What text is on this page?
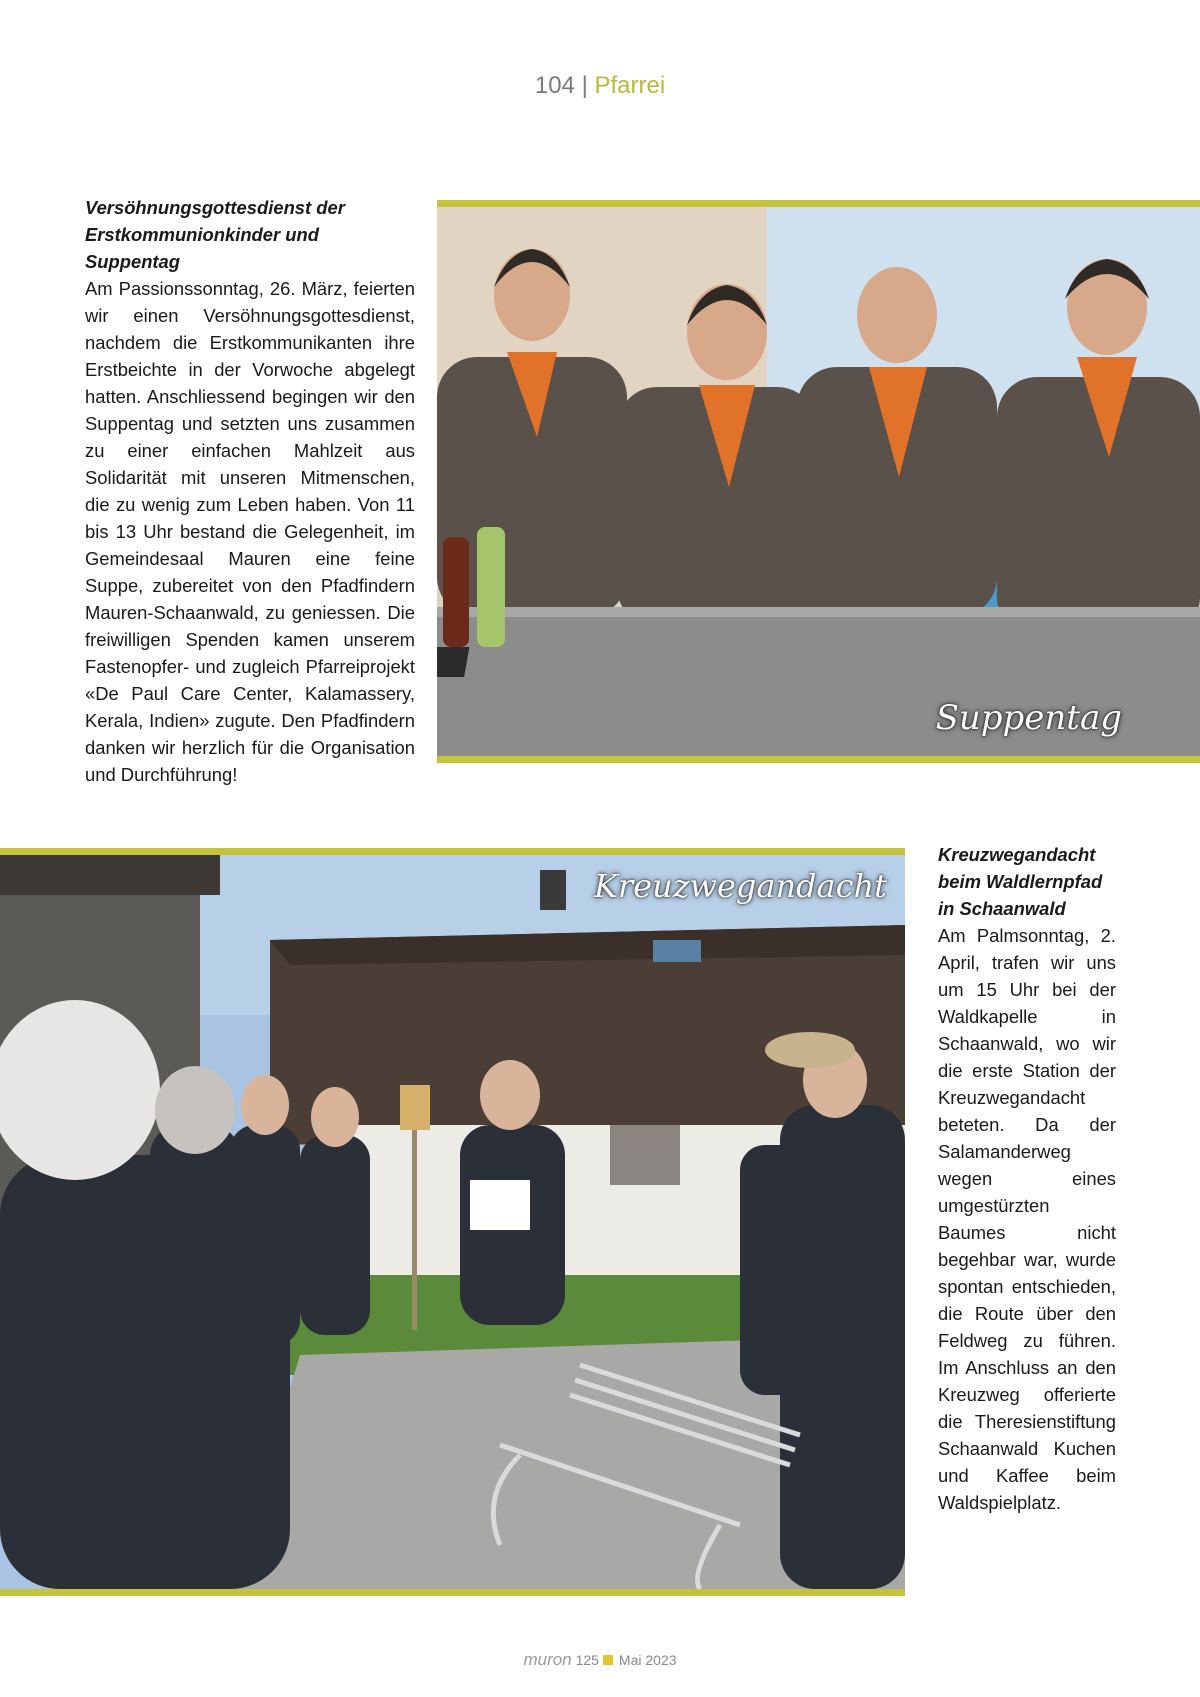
104 | Pfarrei
Versöhnungsgottesdienst der Erstkommunionkinder und Suppentag

Am Passionssonntag, 26. März, feierten wir einen Versöhnungsgottesdienst, nachdem die Erstkommunikanten ihre Erstbeichte in der Vorwoche abgelegt hatten. Anschliessend begingen wir den Suppentag und setzten uns zusammen zu einer einfachen Mahlzeit aus Solidarität mit unseren Mitmenschen, die zu wenig zum Leben haben. Von 11 bis 13 Uhr bestand die Gelegenheit, im Gemeindesaal Mauren eine feine Suppe, zubereitet von den Pfadfindern Mauren-Schaanwald, zu geniessen. Die freiwilligen Spenden kamen unserem Fastenopfer- und zugleich Pfarreiprojekt «De Paul Care Center, Kalamassery, Kerala, Indien» zugute. Den Pfadfindern danken wir herzlich für die Organisation und Durchführung!

Suppentag
Kreuzwegandacht
Kreuzwegandacht beim Waldlernpfad in Schaanwald

Am Palmsonntag, 2. April, trafen wir uns um 15 Uhr bei der Waldkapelle in Schaanwald, wo wir die erste Station der Kreuzwegandacht beteten. Da der Salamanderweg wegen eines umgestürzten Baumes nicht begehbar war, wurde spontan entschieden, die Route über den Feldweg zu führen. Im Anschluss an den Kreuzweg offerierte die Theresienstiftung Schaanwald Kuchen und Kaffee beim Waldspielplatz.

muron 125 Mai 2023
